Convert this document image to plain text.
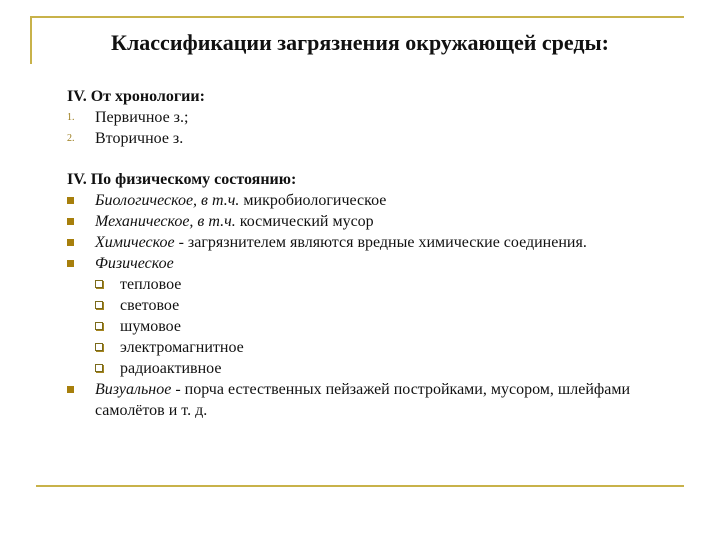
Классификации загрязнения окружающей среды:
IV. От хронологии:
1. Первичное з.;
2. Вторичное з.
IV. По физическому состоянию:
Биологическое, в т.ч. микробиологическое
Механическое, в т.ч. космический мусор
Химическое - загрязнителем являются вредные химические соединения.
Физическое
тепловое
световое
шумовое
электромагнитное
радиоактивное
Визуальное - порча естественных пейзажей постройками, мусором, шлейфами самолётов и т. д.
